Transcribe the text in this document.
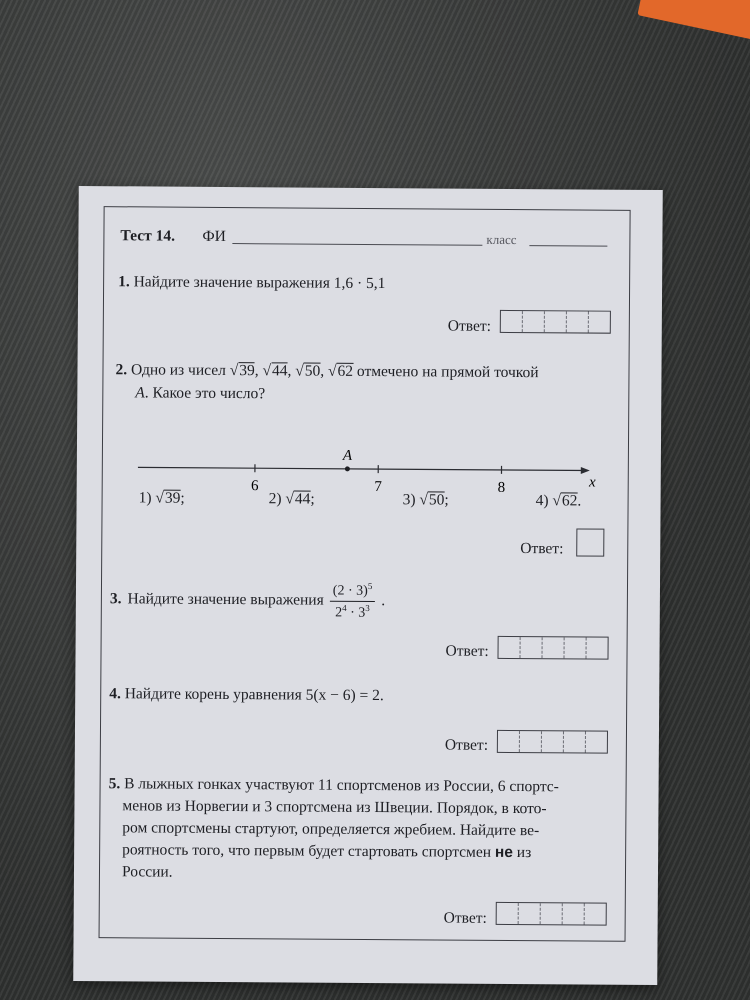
Тест 14. ФИ	класс
1. Найдите значение выражения 1,6 · 5,1
Ответ:
2. Одно из чисел √39, √44, √50, √62 отмечено на прямой точкой
A. Какое это число?
6	7	8
A
x
1) √39;	2) √44;	3) √50;	4) √62.
Ответ:
3. Найдите значение выражения $\frac{(2 \cdot 3)^5}{2^4 \cdot 3^3}$ .
Ответ:
4. Найдите корень уравнения 5(x − 6) = 2.
Ответ:
5. В лыжных гонках участвуют 11 спортсменов из России, 6 спортс-
менов из Норвегии и 3 спортсмена из Швеции. Порядок, в кото-
ром спортсмены стартуют, определяется жребием. Найдите ве-
роятность того, что первым будет стартовать спортсмен не из
России.
Ответ:
